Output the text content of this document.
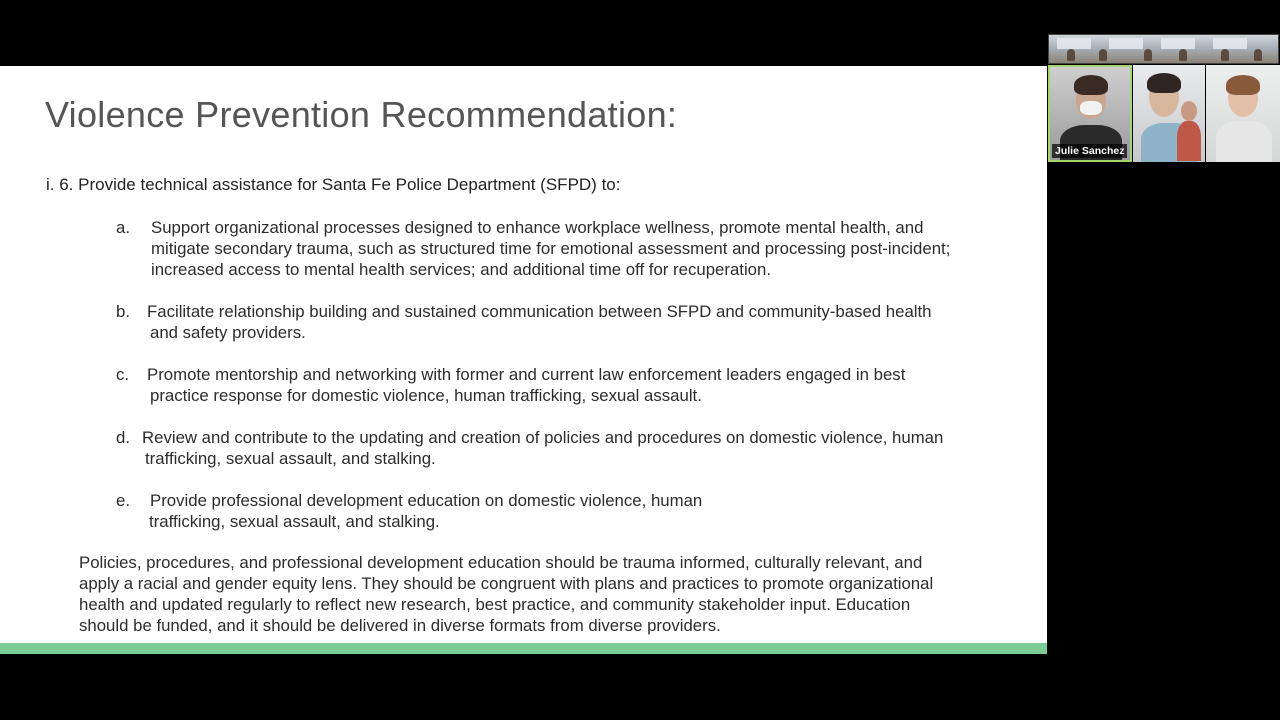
Violence Prevention Recommendation:
i. 6. Provide technical assistance for Santa Fe Police Department (SFPD) to:
a. Support organizational processes designed to enhance workplace wellness, promote mental health, and
mitigate secondary trauma, such as structured time for emotional assessment and processing post-incident;
increased access to mental health services; and additional time off for recuperation.
b. Facilitate relationship building and sustained communication between SFPD and community-based health
and safety providers.
c. Promote mentorship and networking with former and current law enforcement leaders engaged in best
practice response for domestic violence, human trafficking, sexual assault.
d. Review and contribute to the updating and creation of policies and procedures on domestic violence, human
trafficking, sexual assault, and stalking.
e. Provide professional development education on domestic violence, human
trafficking, sexual assault, and stalking.
Policies, procedures, and professional development education should be trauma informed, culturally relevant, and
apply a racial and gender equity lens. They should be congruent with plans and practices to promote organizational
health and updated regularly to reflect new research, best practice, and community stakeholder input. Education
should be funded, and it should be delivered in diverse formats from diverse providers.
Julie Sanchez
